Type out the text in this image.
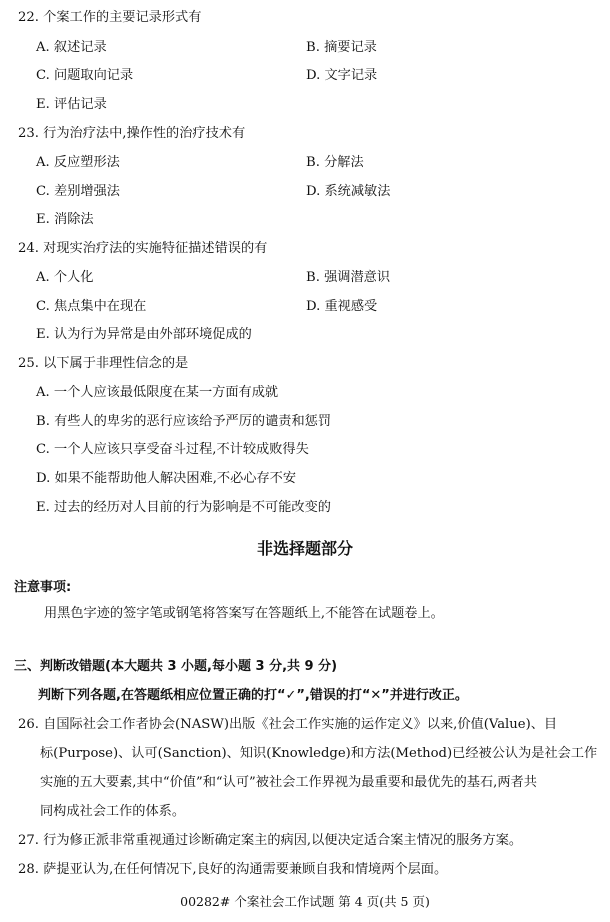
22. 个案工作的主要记录形式有
A. 叙述记录	B. 摘要记录
C. 问题取向记录	D. 文字记录
E. 评估记录
23. 行为治疗法中,操作性的治疗技术有
A. 反应塑形法	B. 分解法
C. 差别增强法	D. 系统减敏法
E. 消除法
24. 对现实治疗法的实施特征描述错误的有
A. 个人化	B. 强调潜意识
C. 焦点集中在现在	D. 重视感受
E. 认为行为异常是由外部环境促成的
25. 以下属于非理性信念的是
A. 一个人应该最低限度在某一方面有成就
B. 有些人的卑劣的恶行应该给予严厉的谴责和惩罚
C. 一个人应该只享受奋斗过程,不计较成败得失
D. 如果不能帮助他人解决困难,不必心存不安
E. 过去的经历对人目前的行为影响是不可能改变的
非选择题部分
注意事项:
用黑色字迹的签字笔或钢笔将答案写在答题纸上,不能答在试题卷上。
三、判断改错题(本大题共 3 小题,每小题 3 分,共 9 分)
判断下列各题,在答题纸相应位置正确的打“✓”,错误的打“✕”并进行改正。
26. 自国际社会工作者协会(NASW)出版《社会工作实施的运作定义》以来,价值(Value)、目
标(Purpose)、认可(Sanction)、知识(Knowledge)和方法(Method)已经被公认为是社会工作
实施的五大要素,其中“价值”和“认可”被社会工作界视为最重要和最优先的基石,两者共
同构成社会工作的体系。
27. 行为修正派非常重视通过诊断确定案主的病因,以便决定适合案主情况的服务方案。
28. 萨提亚认为,在任何情况下,良好的沟通需要兼顾自我和情境两个层面。
00282# 个案社会工作试题 第 4 页(共 5 页)
